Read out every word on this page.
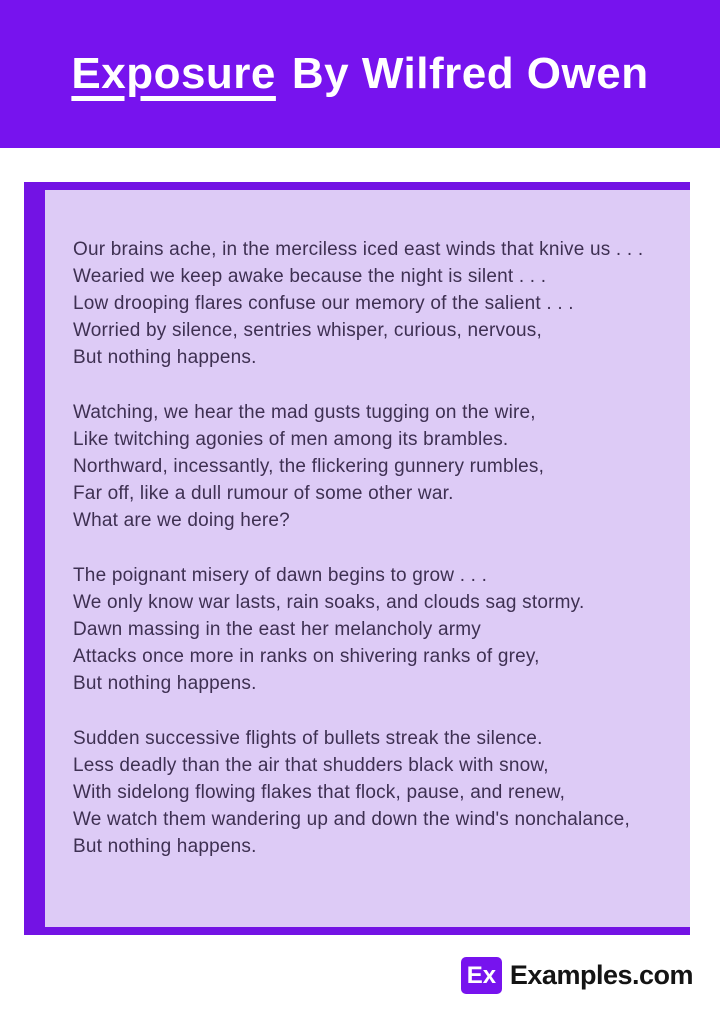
Exposure By Wilfred Owen

Our brains ache, in the merciless iced east winds that knive us . . .
Wearied we keep awake because the night is silent . . .
Low drooping flares confuse our memory of the salient . . .
Worried by silence, sentries whisper, curious, nervous,
But nothing happens.

Watching, we hear the mad gusts tugging on the wire,
Like twitching agonies of men among its brambles.
Northward, incessantly, the flickering gunnery rumbles,
Far off, like a dull rumour of some other war.
What are we doing here?

The poignant misery of dawn begins to grow . . .
We only know war lasts, rain soaks, and clouds sag stormy.
Dawn massing in the east her melancholy army
Attacks once more in ranks on shivering ranks of grey,
But nothing happens.

Sudden successive flights of bullets streak the silence.
Less deadly than the air that shudders black with snow,
With sidelong flowing flakes that flock, pause, and renew,
We watch them wandering up and down the wind's nonchalance,
But nothing happens.

Ex Examples.com
